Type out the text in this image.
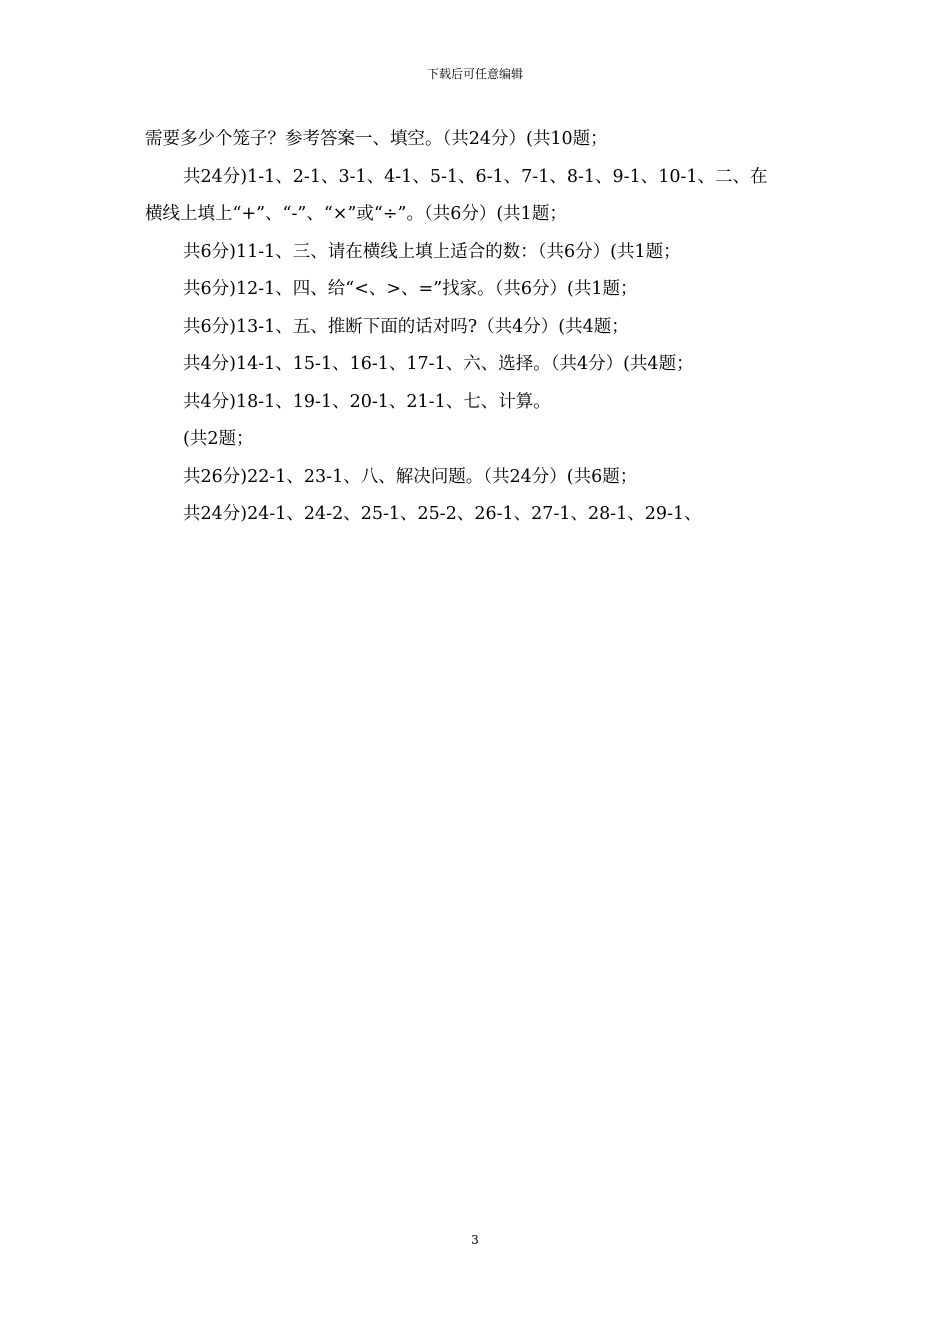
下载后可任意编辑
需要多少个笼子？参考答案一、填空。（共24分）(共10题；
共24分)1-1、2-1、3-1、4-1、5-1、6-1、7-1、8-1、9-1、10-1、二、在
横线上填上“+”、“-”、“×”或“÷”。（共6分）(共1题；
共6分)11-1、三、请在横线上填上适合的数：（共6分）(共1题；
共6分)12-1、四、给“<、>、=”找家。（共6分）(共1题；
共6分)13-1、五、推断下面的话对吗?（共4分）(共4题；
共4分)14-1、15-1、16-1、17-1、六、选择。（共4分）(共4题；
共4分)18-1、19-1、20-1、21-1、七、计算。
(共2题；
共26分)22-1、23-1、八、解决问题。（共24分）(共6题；
共24分)24-1、24-2、25-1、25-2、26-1、27-1、28-1、29-1、
3
